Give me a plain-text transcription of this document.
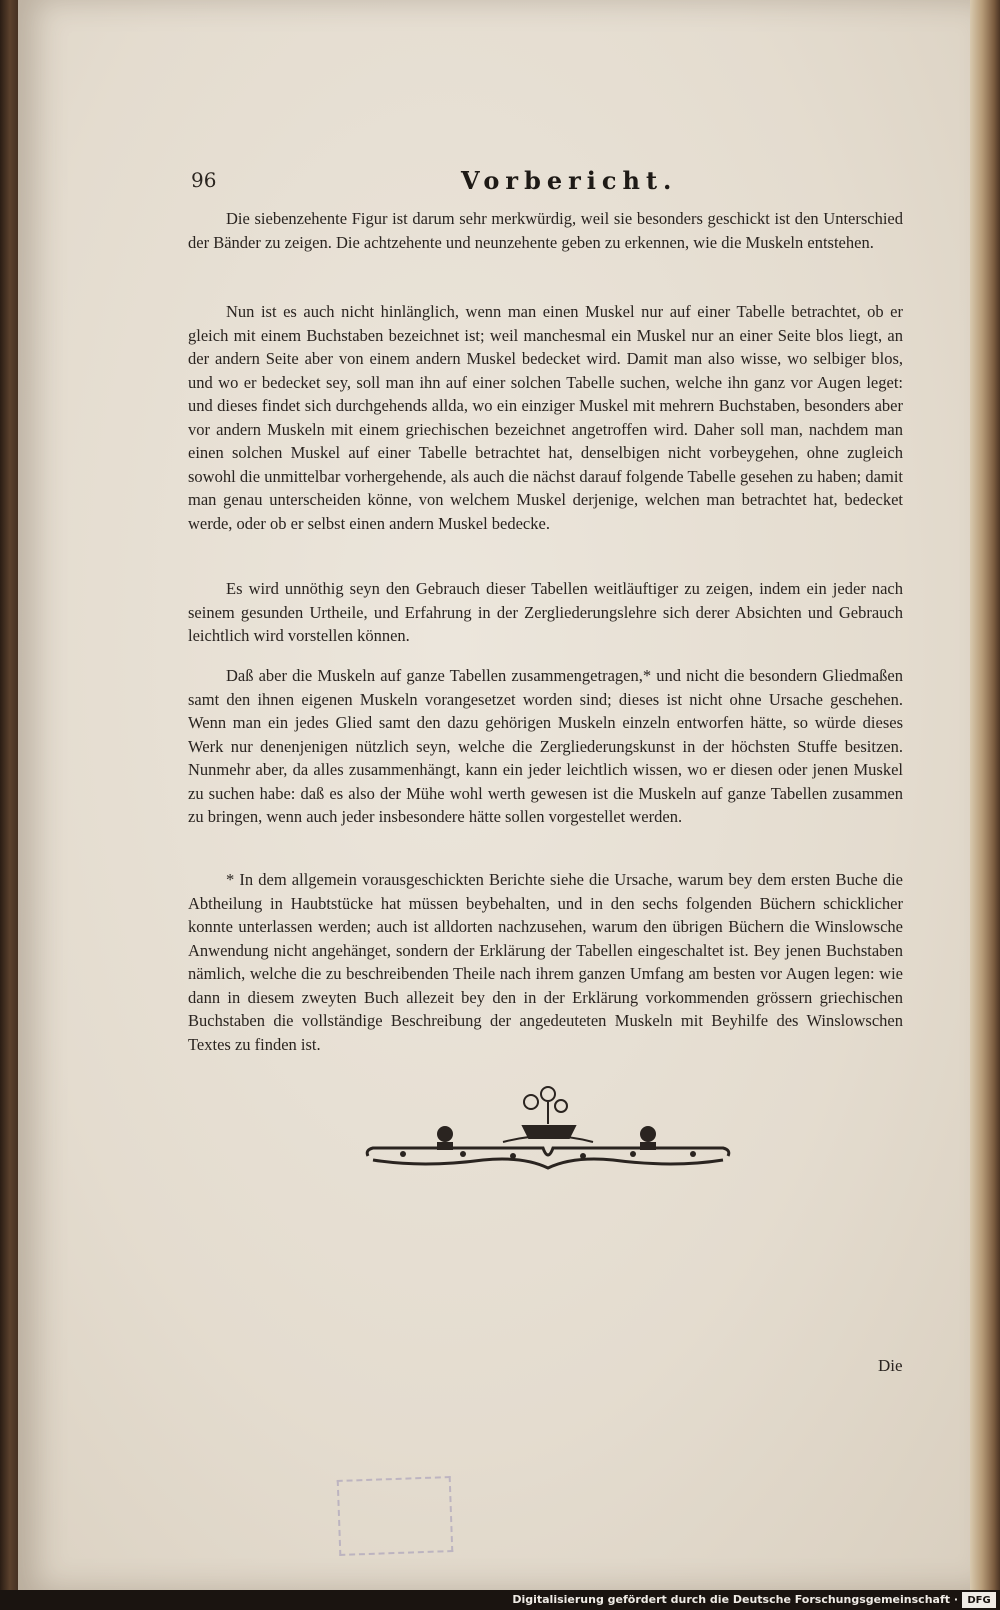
96	Vorbericht.

Die siebenzehente Figur ist darum sehr merkwürdig, weil sie besonders geschickt ist den Unterschied der Bänder zu zeigen. Die achtzehente und neunzehente geben zu erkennen, wie die Muskeln entstehen.

Nun ist es auch nicht hinlänglich, wenn man einen Muskel nur auf einer Tabelle betrachtet, ob er gleich mit einem Buchstaben bezeichnet ist; weil manchesmal ein Muskel nur an einer Seite blos liegt, an der andern Seite aber von einem andern Muskel bedecket wird. Damit man also wisse, wo selbiger blos, und wo er bedecket sey, soll man ihn auf einer solchen Tabelle suchen, welche ihn ganz vor Augen leget: und dieses findet sich durchgehends allda, wo ein einziger Muskel mit mehrern Buchstaben, besonders aber vor andern Muskeln mit einem griechischen bezeichnet angetroffen wird. Daher soll man, nachdem man einen solchen Muskel auf einer Tabelle betrachtet hat, denselbigen nicht vorbeygehen, ohne zugleich sowohl die unmittelbar vorhergehende, als auch die nächst darauf folgende Tabelle gesehen zu haben; damit man genau unterscheiden könne, von welchem Muskel derjenige, welchen man betrachtet hat, bedecket werde, oder ob er selbst einen andern Muskel bedecke.

Es wird unnöthig seyn den Gebrauch dieser Tabellen weitläuftiger zu zeigen, indem ein jeder nach seinem gesunden Urtheile, und Erfahrung in der Zergliederungslehre sich derer Absichten und Gebrauch leichtlich wird vorstellen können.

Daß aber die Muskeln auf ganze Tabellen zusammengetragen,* und nicht die besondern Gliedmaßen samt den ihnen eigenen Muskeln vorangesetzet worden sind; dieses ist nicht ohne Ursache geschehen. Wenn man ein jedes Glied samt den dazu gehörigen Muskeln einzeln entworfen hätte, so würde dieses Werk nur denenjenigen nützlich seyn, welche die Zergliederungskunst in der höchsten Stuffe besitzen. Nunmehr aber, da alles zusammenhängt, kann ein jeder leichtlich wissen, wo er diesen oder jenen Muskel zu suchen habe: daß es also der Mühe wohl werth gewesen ist die Muskeln auf ganze Tabellen zusammen zu bringen, wenn auch jeder insbesondere hätte sollen vorgestellet werden.

* In dem allgemein vorausgeschickten Berichte siehe die Ursache, warum bey dem ersten Buche die Abtheilung in Haubtstücke hat müssen beybehalten, und in den sechs folgenden Büchern schicklicher konnte unterlassen werden; auch ist alldorten nachzusehen, warum den übrigen Büchern die Winslowsche Anwendung nicht angehänget, sondern der Erklärung der Tabellen eingeschaltet ist. Bey jenen Buchstaben nämlich, welche die zu beschreibenden Theile nach ihrem ganzen Umfang am besten vor Augen legen: wie dann in diesem zweyten Buch allezeit bey den in der Erklärung vorkommenden grössern griechischen Buchstaben die vollständige Beschreibung der angedeuteten Muskeln mit Beyhilfe des Winslowschen Textes zu finden ist.

Die
Digitalisierung gefördert durch die Deutsche Forschungsgemeinschaft · DFG
